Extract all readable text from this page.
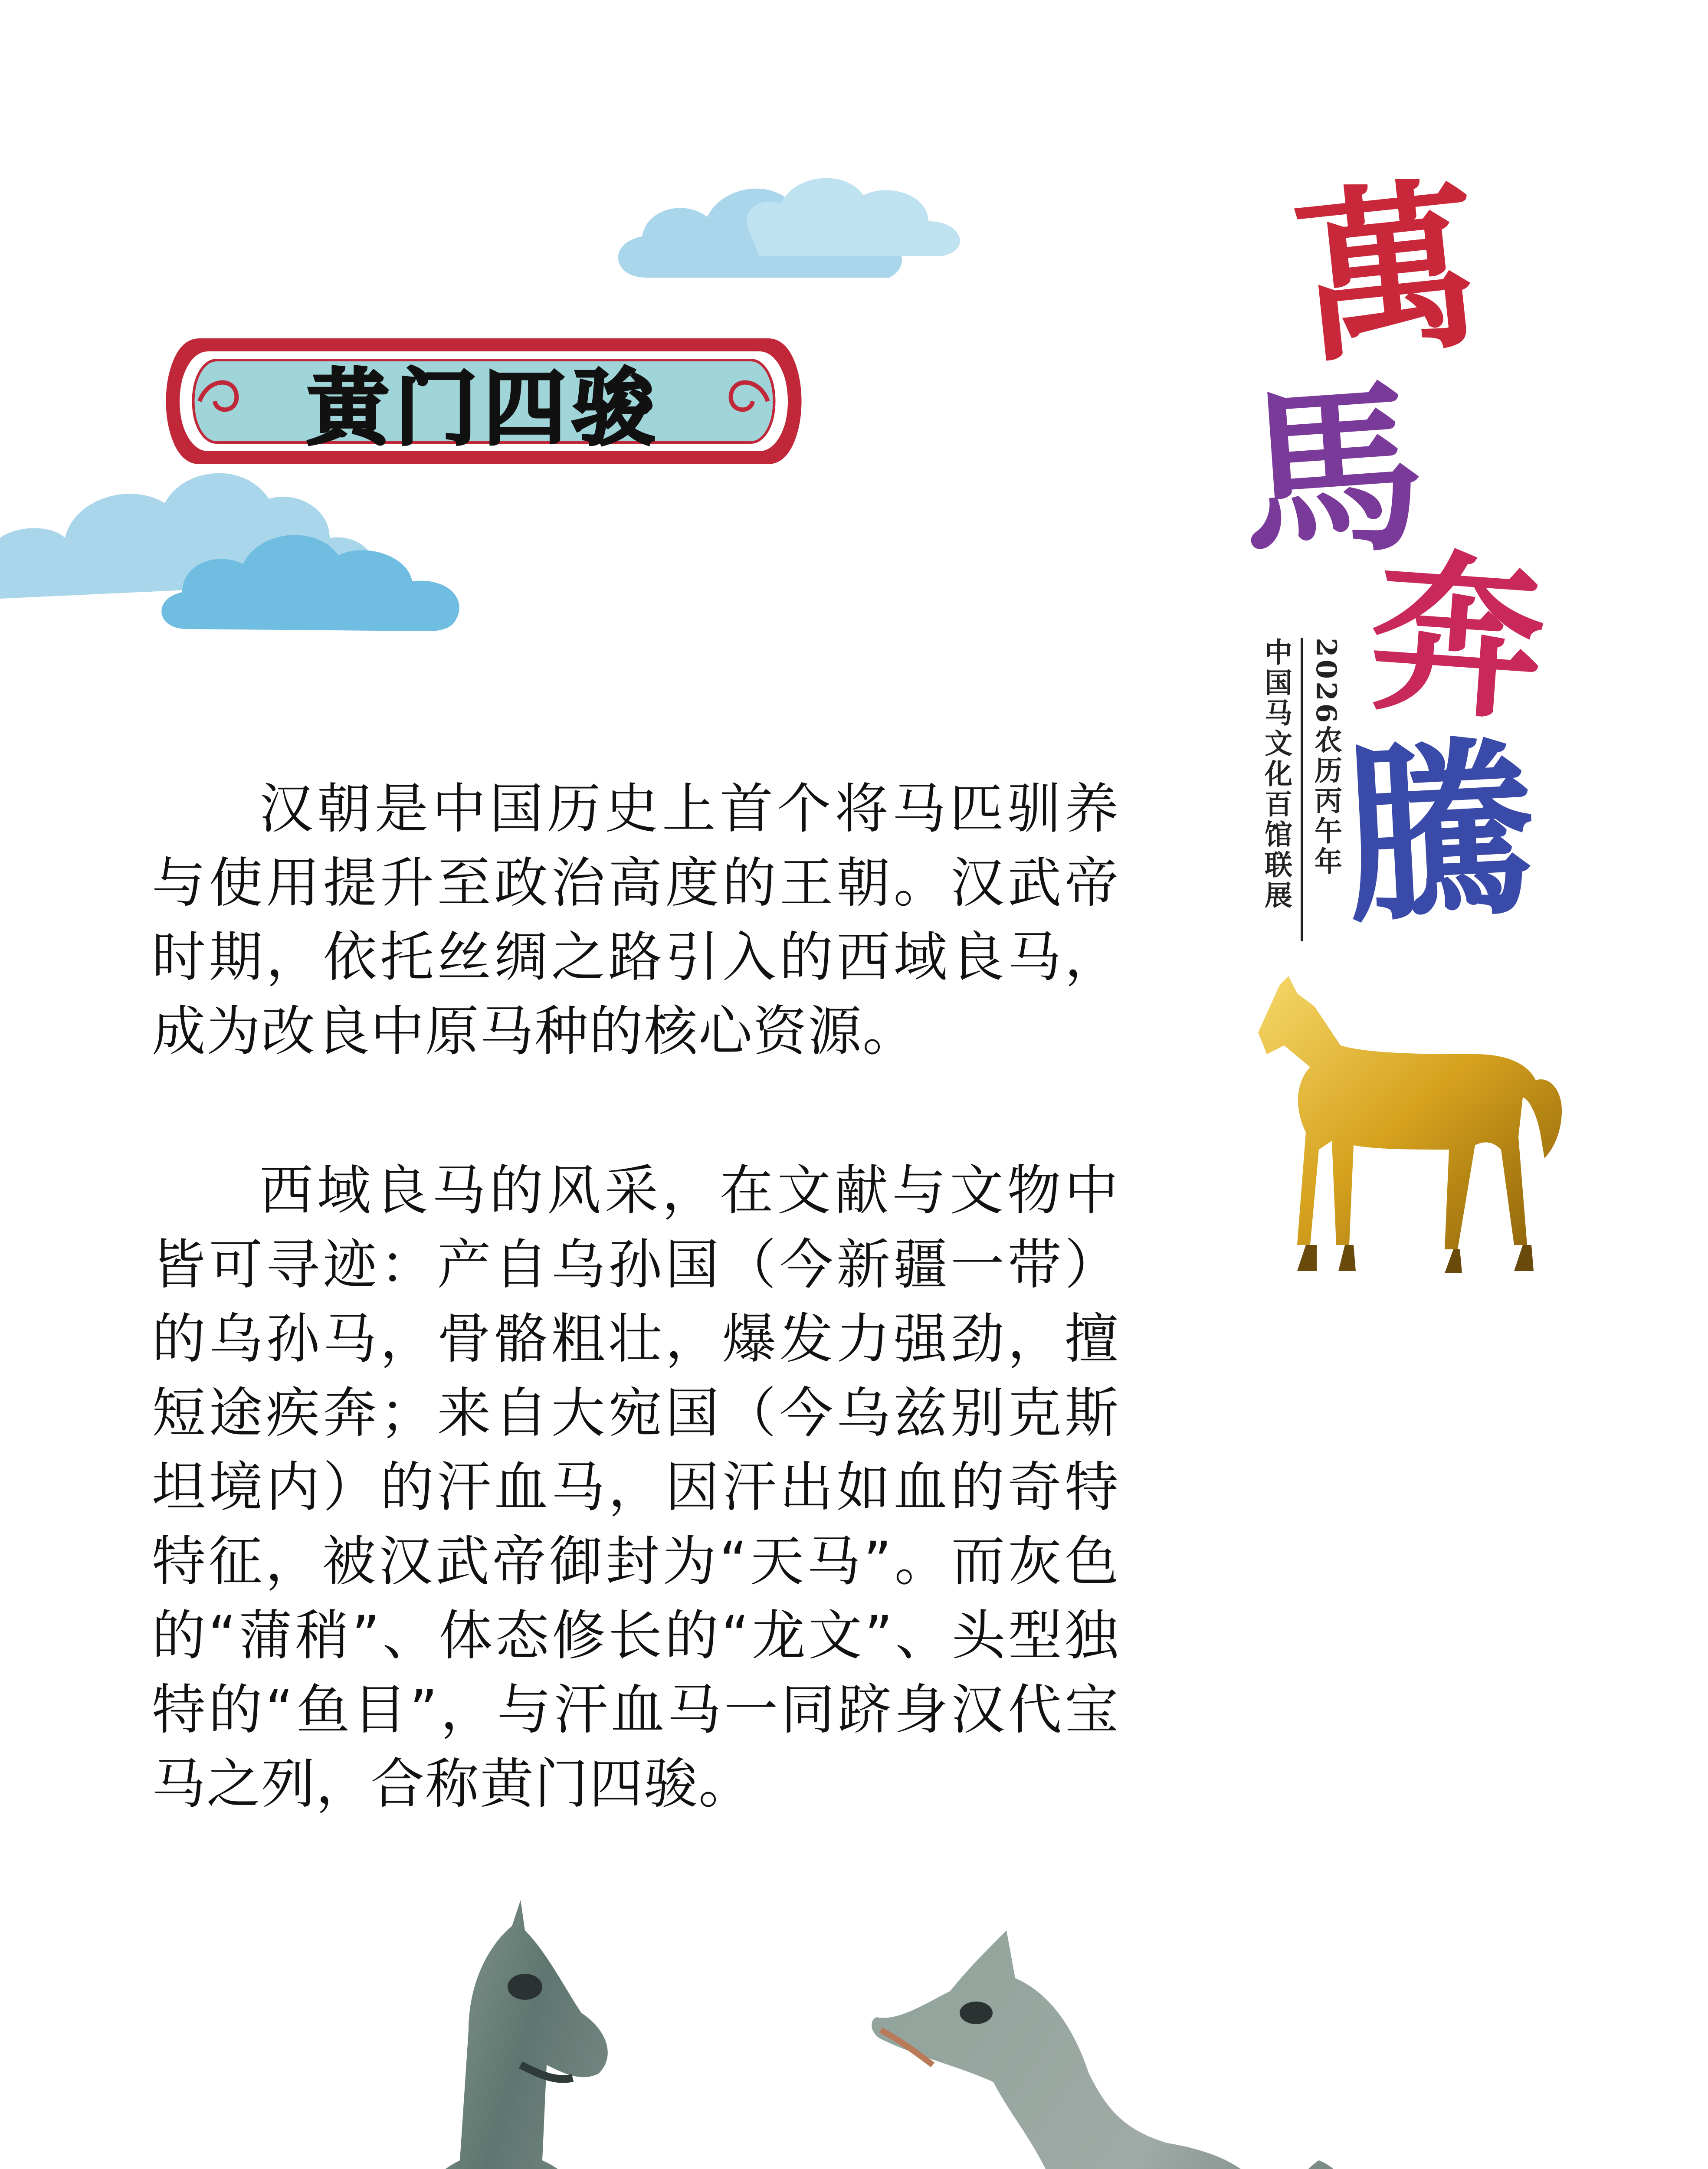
黄门四骏
萬
馬
奔
騰
2026农历丙午年
中国马文化百馆联展

汉朝是中国历史上首个将马匹驯养与使用提升至政治高度的王朝。汉武帝时期，依托丝绸之路引入的西域良马，成为改良中原马种的核心资源。

西域良马的风采，在文献与文物中皆可寻迹：产自乌孙国（今新疆一带）的乌孙马，骨骼粗壮，爆发力强劲，擅短途疾奔；来自大宛国（今乌兹别克斯坦境内）的汗血马，因汗出如血的奇特特征，被汉武帝御封为“天马”。而灰色的“蒲稍”、体态修长的“龙文”、头型独特的“鱼目”，与汗血马一同跻身汉代宝马之列，合称黄门四骏。
